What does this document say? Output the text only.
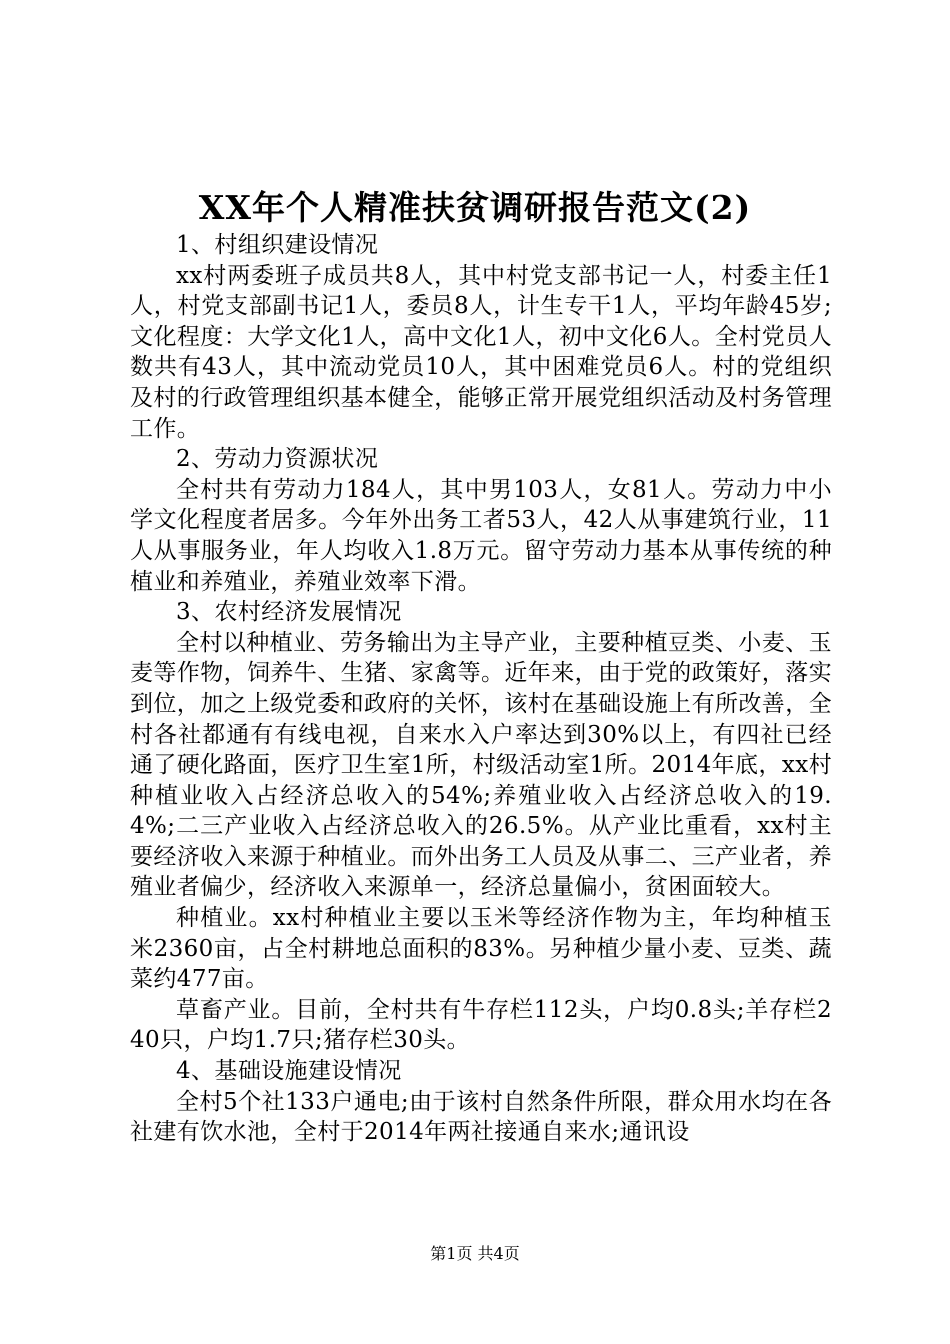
XX年个人精准扶贫调研报告范文(2)

1、村组织建设情况

xx村两委班子成员共8人，其中村党支部书记一人，村委主任1人，村党支部副书记1人，委员8人，计生专干1人，平均年龄45岁;文化程度：大学文化1人，高中文化1人，初中文化6人。全村党员人数共有43人，其中流动党员10人，其中困难党员6人。村的党组织及村的行政管理组织基本健全，能够正常开展党组织活动及村务管理工作。

2、劳动力资源状况

全村共有劳动力184人，其中男103人，女81人。劳动力中小学文化程度者居多。今年外出务工者53人，42人从事建筑行业，11人从事服务业，年人均收入1.8万元。留守劳动力基本从事传统的种植业和养殖业，养殖业效率下滑。

3、农村经济发展情况

全村以种植业、劳务输出为主导产业，主要种植豆类、小麦、玉麦等作物，饲养牛、生猪、家禽等。近年来，由于党的政策好，落实到位，加之上级党委和政府的关怀，该村在基础设施上有所改善，全村各社都通有有线电视，自来水入户率达到30%以上，有四社已经通了硬化路面，医疗卫生室1所，村级活动室1所。2014年底，xx村种植业收入占经济总收入的54%;养殖业收入占经济总收入的19.4%;二三产业收入占经济总收入的26.5%。从产业比重看，xx村主要经济收入来源于种植业。而外出务工人员及从事二、三产业者，养殖业者偏少，经济收入来源单一，经济总量偏小，贫困面较大。

种植业。xx村种植业主要以玉米等经济作物为主，年均种植玉米2360亩，占全村耕地总面积的83%。另种植少量小麦、豆类、蔬菜约477亩。

草畜产业。目前，全村共有牛存栏112头，户均0.8头;羊存栏240只，户均1.7只;猪存栏30头。

4、基础设施建设情况

全村5个社133户通电;由于该村自然条件所限，群众用水均在各社建有饮水池，全村于2014年两社接通自来水;通讯设

第1页 共4页
